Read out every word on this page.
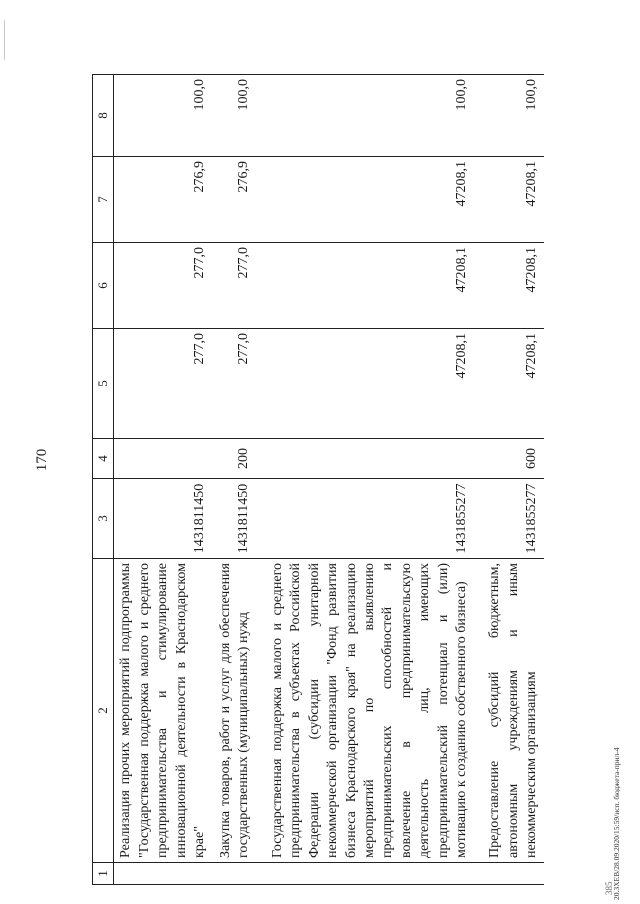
170
1	2	3	4	5	6	7	8

	Реализация прочих мероприятий подпрограммы "Государственная поддержка малого и среднего предпринимательства и стимулирование инновационной деятельности в Краснодарском крае"	1431811450		277,0	277,0	276,9	100,0

	Закупка товаров, работ и услуг для обеспечения государственных (муниципальных) нужд	1431811450	200	277,0	277,0	276,9	100,0

	Государственная поддержка малого и среднего предпринимательства в субъектах Российской Федерации (субсидии унитарной некоммерческой организации "Фонд развития бизнеса Краснодарского края" на реализацию мероприятий по выявлению предпринимательских способностей и вовлечение в предпринимательскую деятельность лиц, имеющих предпринимательский потенциал и (или) мотивацию к созданию собственного бизнеса)	1431855277		47208,1	47208,1	47208,1	100,0

	Предоставление субсидий бюджетным, автономным учреждениям и иным некоммерческим организациям	1431855277	600	47208,1	47208,1	47208,1	100,0
20.3XEB/28.09.2020/15:59/исп. бюджета-прил-4
385
